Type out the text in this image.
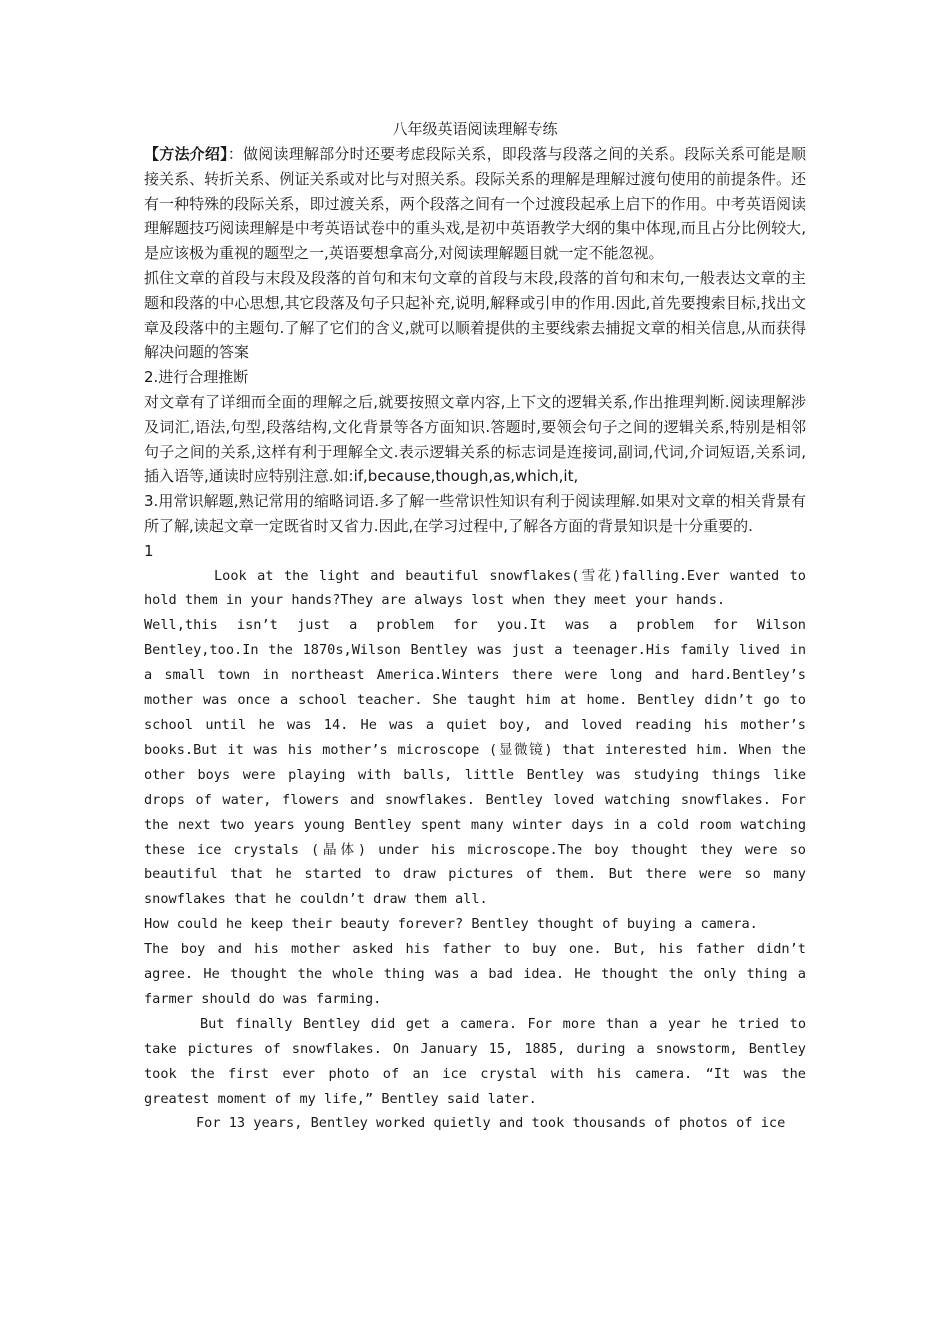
八年级英语阅读理解专练

【方法介绍】：做阅读理解部分时还要考虑段际关系，即段落与段落之间的关系。段际关系可能是顺接关系、转折关系、例证关系或对比与对照关系。段际关系的理解是理解过渡句使用的前提条件。还有一种特殊的段际关系，即过渡关系，两个段落之间有一个过渡段起承上启下的作用。中考英语阅读理解题技巧阅读理解是中考英语试卷中的重头戏,是初中英语教学大纲的集中体现,而且占分比例较大,是应该极为重视的题型之一,英语要想拿高分,对阅读理解题目就一定不能忽视。

抓住文章的首段与末段及段落的首句和末句文章的首段与末段,段落的首句和末句,一般表达文章的主题和段落的中心思想,其它段落及句子只起补充,说明,解释或引申的作用.因此,首先要搜索目标,找出文章及段落中的主题句.了解了它们的含义,就可以顺着提供的主要线索去捕捉文章的相关信息,从而获得解决问题的答案

2.进行合理推断

对文章有了详细而全面的理解之后,就要按照文章内容,上下文的逻辑关系,作出推理判断.阅读理解涉及词汇,语法,句型,段落结构,文化背景等各方面知识.答题时,要领会句子之间的逻辑关系,特别是相邻句子之间的关系,这样有利于理解全文.表示逻辑关系的标志词是连接词,副词,代词,介词短语,关系词,插入语等,通读时应特别注意.如:if,because,though,as,which,it,

3.用常识解题,熟记常用的缩略词语.多了解一些常识性知识有利于阅读理解.如果对文章的相关背景有所了解,读起文章一定既省时又省力.因此,在学习过程中,了解各方面的背景知识是十分重要的.

1

Look at the light and beautiful snowflakes(雪花)falling.Ever wanted to hold them in your hands?They are always lost when they meet your hands.

Well,this isn’t just a problem for you.It was a problem for Wilson Bentley,too.In the 1870s,Wilson Bentley was just a teenager.His family lived in a small town in northeast America.Winters there were long and hard.Bentley’s mother was once a school teacher. She taught him at home. Bentley didn’t go to school until he was 14. He was a quiet boy, and loved reading his mother’s books.But it was his mother’s microscope (显微镜) that interested him. When the other boys were playing with balls, little Bentley was studying things like drops of water, flowers and snowflakes. Bentley loved watching snowflakes. For the next two years young Bentley spent many winter days in a cold room watching these ice crystals (晶体) under his microscope.The boy thought they were so beautiful that he started to draw pictures of them. But there were so many snowflakes that he couldn’t draw them all.

How could he keep their beauty forever? Bentley thought of buying a camera.

The boy and his mother asked his father to buy one. But, his father didn’t agree. He thought the whole thing was a bad idea. He thought the only thing a farmer should do was farming.

But finally Bentley did get a camera. For more than a year he tried to take pictures of snowflakes. On January 15, 1885, during a snowstorm, Bentley took the first ever photo of an ice crystal with his camera. “It was the greatest moment of my life,” Bentley said later.

For 13 years, Bentley worked quietly and took thousands of photos of ice
